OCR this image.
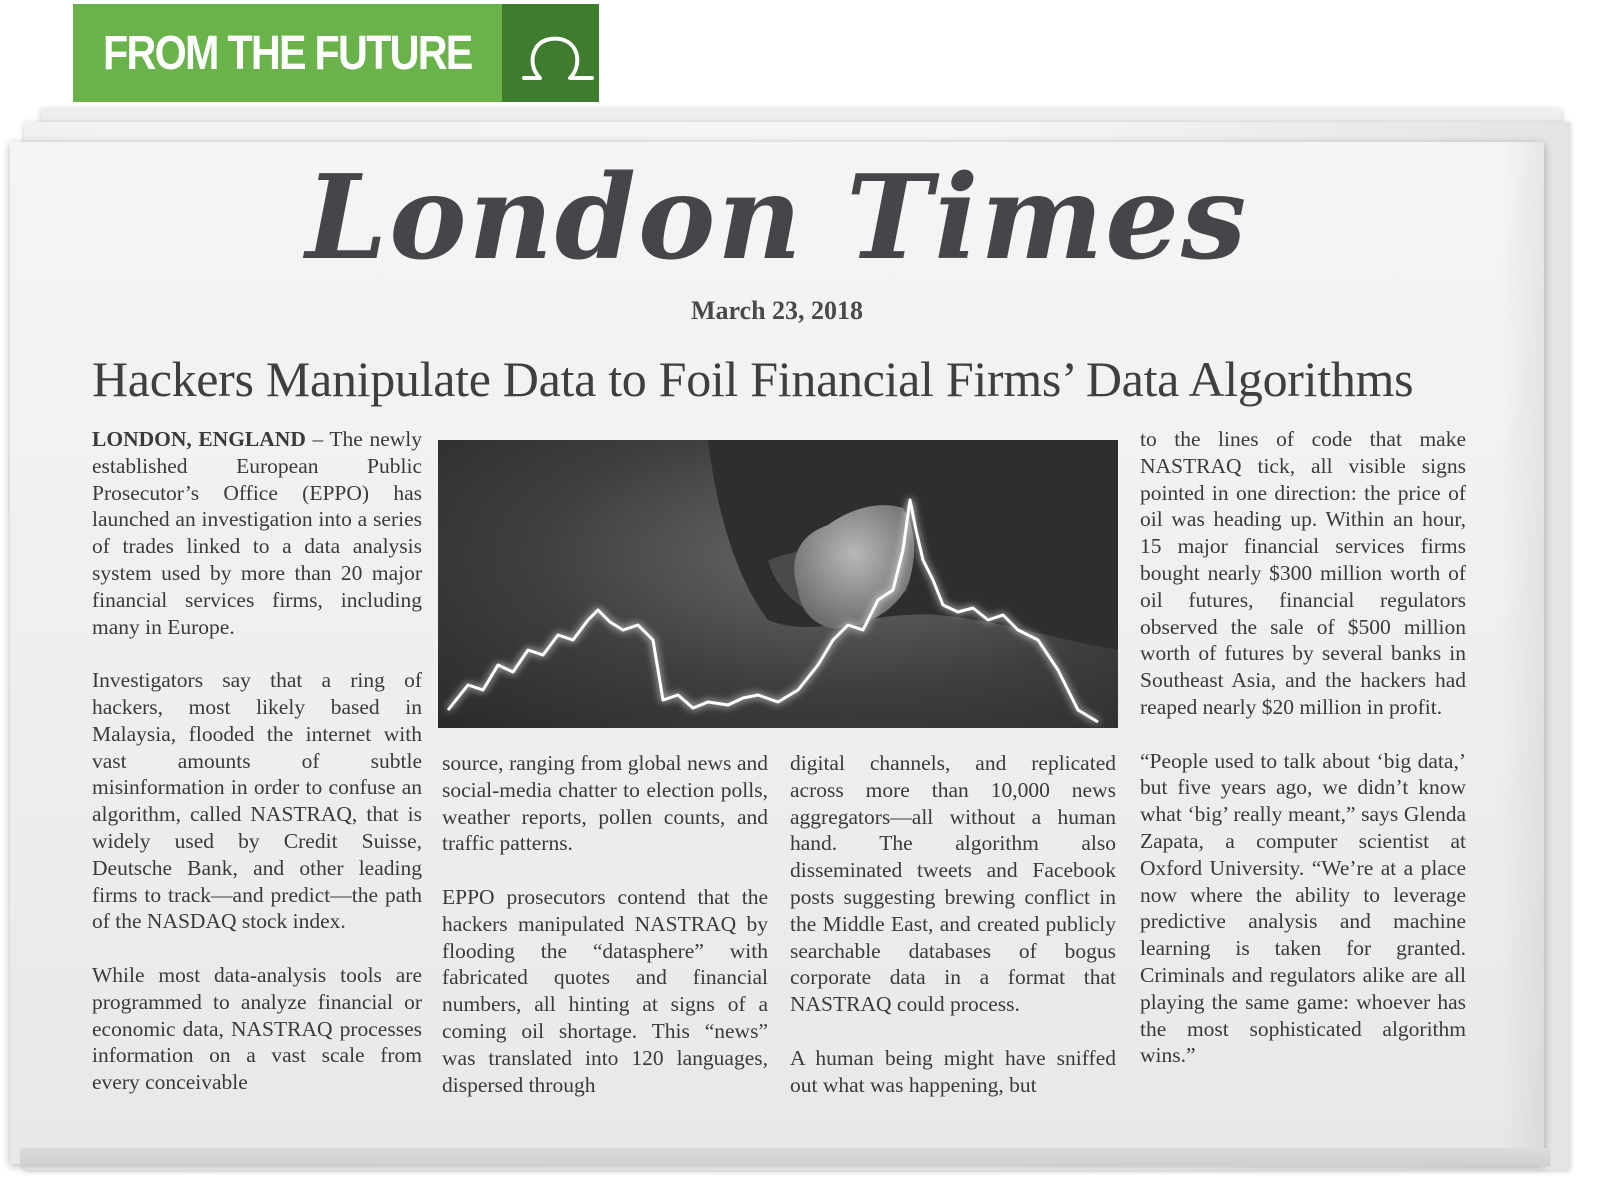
FROM THE FUTURE
London Times
March 23, 2018
Hackers Manipulate Data to Foil Financial Firms’ Data Algorithms

LONDON, ENGLAND – The newly established European Public Prosecutor’s Office (EPPO) has launched an investigation into a series of trades linked to a data analysis system used by more than 20 major financial services firms, including many in Europe.

Investigators say that a ring of hackers, most likely based in Malaysia, flooded the internet with vast amounts of subtle misinformation in order to confuse an algorithm, called NASTRAQ, that is widely used by Credit Suisse, Deutsche Bank, and other leading firms to track—and predict—the path of the NASDAQ stock index.

While most data-analysis tools are programmed to analyze financial or economic data, NASTRAQ processes information on a vast scale from every conceivable

source, ranging from global news and social-media chatter to election polls, weather reports, pollen counts, and traffic patterns.

EPPO prosecutors contend that the hackers manipulated NASTRAQ by flooding the “datasphere” with fabricated quotes and financial numbers, all hinting at signs of a coming oil shortage. This “news” was translated into 120 languages, dispersed through

digital channels, and replicated across more than 10,000 news aggregators—all without a human hand. The algorithm also disseminated tweets and Facebook posts suggesting brewing conflict in the Middle East, and created publicly searchable databases of bogus corporate data in a format that NASTRAQ could process.

A human being might have sniffed out what was happening, but

to the lines of code that make NASTRAQ tick, all visible signs pointed in one direction: the price of oil was heading up. Within an hour, 15 major financial services firms bought nearly $300 million worth of oil futures, financial regulators observed the sale of $500 million worth of futures by several banks in Southeast Asia, and the hackers had reaped nearly $20 million in profit.

“People used to talk about ‘big data,’ but five years ago, we didn’t know what ‘big’ really meant,” says Glenda Zapata, a computer scientist at Oxford University. “We’re at a place now where the ability to leverage predictive analysis and machine learning is taken for granted. Criminals and regulators alike are all playing the same game: whoever has the most sophisticated algorithm wins.”
